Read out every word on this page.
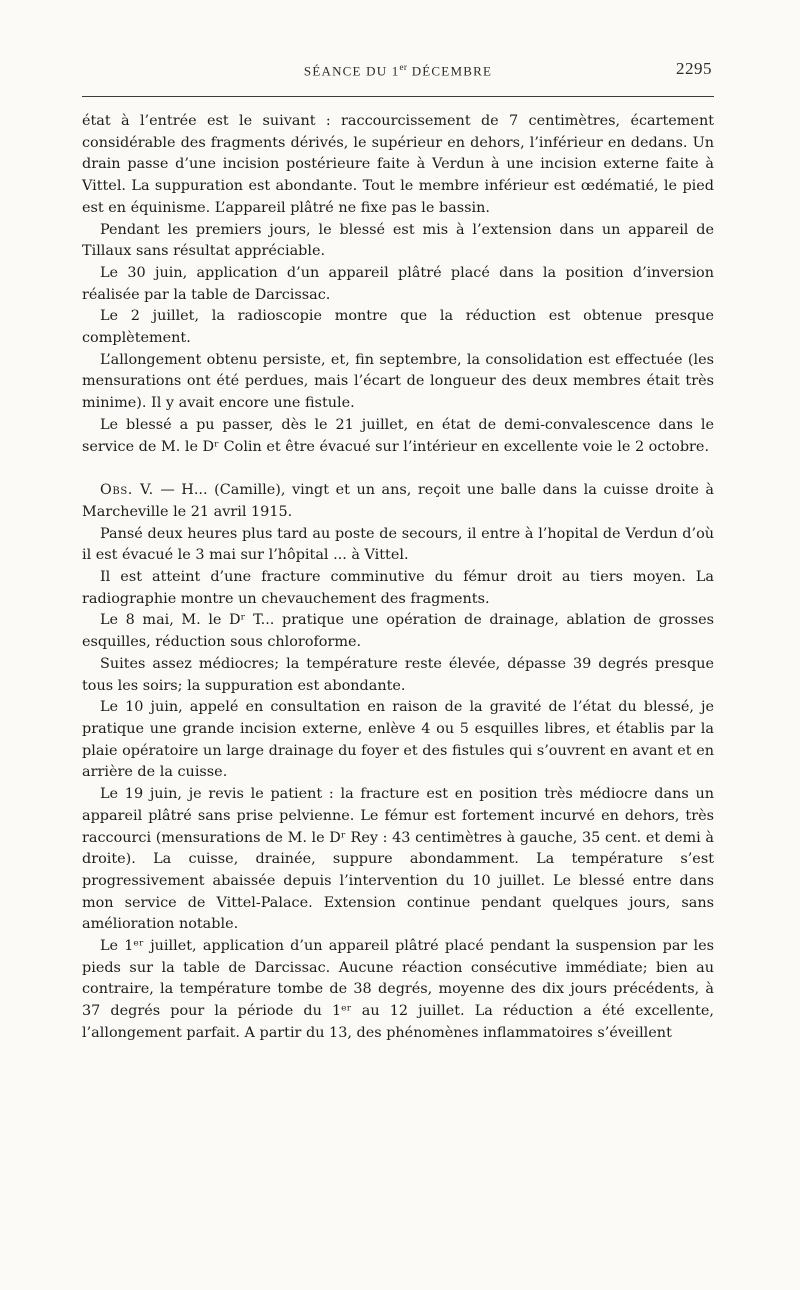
SÉANCE DU 1er DÉCEMBRE	2295

état à l’entrée est le suivant : raccourcissement de 7 centimètres, écartement considérable des fragments dérivés, le supérieur en dehors, l’inférieur en dedans. Un drain passe d’une incision postérieure faite à Verdun à une incision externe faite à Vittel. La suppuration est abondante. Tout le membre inférieur est œdématié, le pied est en équinisme. L’appareil plâtré ne fixe pas le bassin.

Pendant les premiers jours, le blessé est mis à l’extension dans un appareil de Tillaux sans résultat appréciable.

Le 30 juin, application d’un appareil plâtré placé dans la position d’inversion réalisée par la table de Darcissac.

Le 2 juillet, la radioscopie montre que la réduction est obtenue presque complètement.

L’allongement obtenu persiste, et, fin septembre, la consolidation est effectuée (les mensurations ont été perdues, mais l’écart de longueur des deux membres était très minime). Il y avait encore une fistule.

Le blessé a pu passer, dès le 21 juillet, en état de demi-convalescence dans le service de M. le Dʳ Colin et être évacué sur l’intérieur en excellente voie le 2 octobre.

Obs. V. — H... (Camille), vingt et un ans, reçoit une balle dans la cuisse droite à Marcheville le 21 avril 1915.

Pansé deux heures plus tard au poste de secours, il entre à l’hopital de Verdun d’où il est évacué le 3 mai sur l’hôpital ... à Vittel.

Il est atteint d’une fracture comminutive du fémur droit au tiers moyen. La radiographie montre un chevauchement des fragments.

Le 8 mai, M. le Dʳ T... pratique une opération de drainage, ablation de grosses esquilles, réduction sous chloroforme.

Suites assez médiocres; la température reste élevée, dépasse 39 degrés presque tous les soirs; la suppuration est abondante.

Le 10 juin, appelé en consultation en raison de la gravité de l’état du blessé, je pratique une grande incision externe, enlève 4 ou 5 esquilles libres, et établis par la plaie opératoire un large drainage du foyer et des fistules qui s’ouvrent en avant et en arrière de la cuisse.

Le 19 juin, je revis le patient : la fracture est en position très médiocre dans un appareil plâtré sans prise pelvienne. Le fémur est fortement incurvé en dehors, très raccourci (mensurations de M. le Dʳ Rey : 43 centimètres à gauche, 35 cent. et demi à droite). La cuisse, drainée, suppure abondamment. La température s’est progressivement abaissée depuis l’intervention du 10 juillet. Le blessé entre dans mon service de Vittel-Palace. Extension continue pendant quelques jours, sans amélioration notable.

Le 1ᵉʳ juillet, application d’un appareil plâtré placé pendant la suspension par les pieds sur la table de Darcissac. Aucune réaction consécutive immédiate; bien au contraire, la température tombe de 38 degrés, moyenne des dix jours précédents, à 37 degrés pour la période du 1ᵉʳ au 12 juillet. La réduction a été excellente, l’allongement parfait. A partir du 13, des phénomènes inflammatoires s’éveillent
